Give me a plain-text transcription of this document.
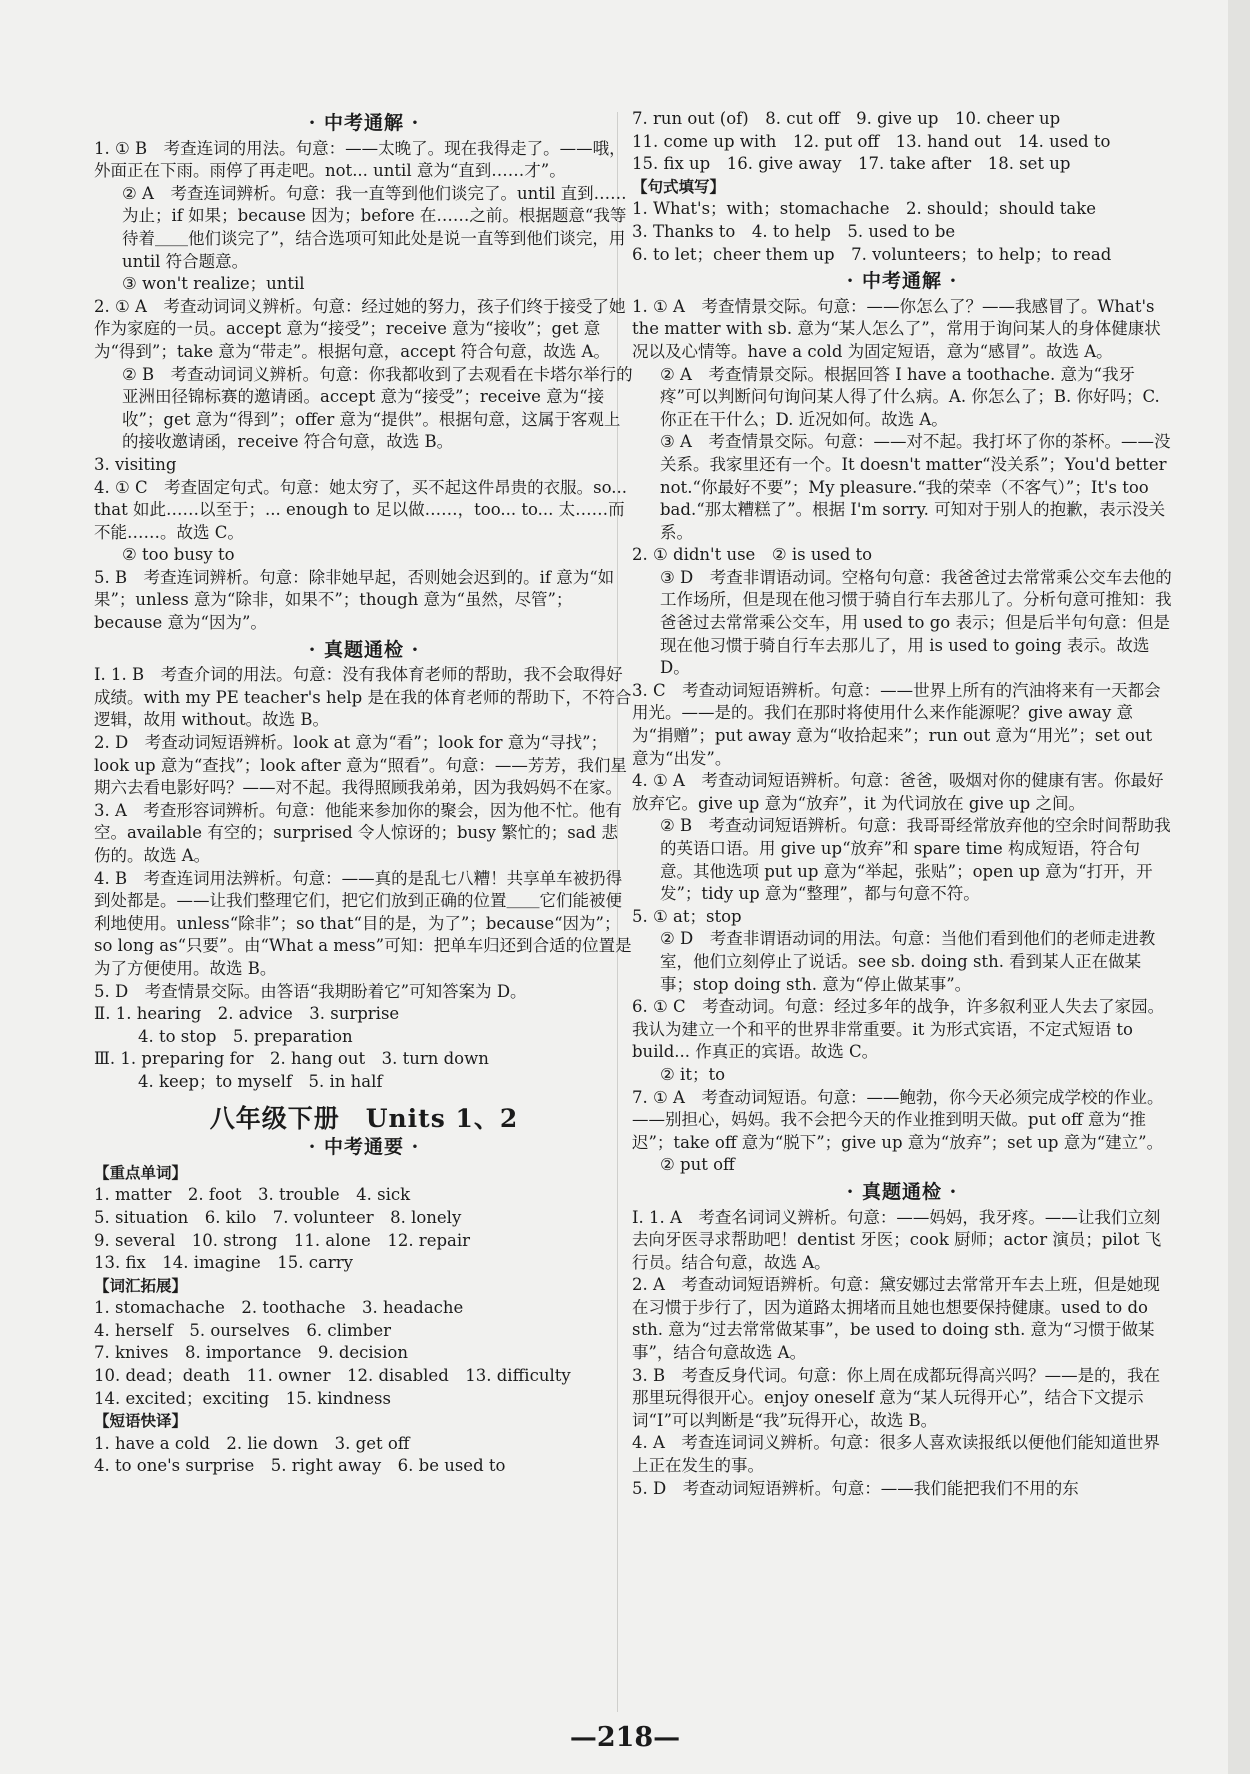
· 中考通解 ·

1. ① B　考查连词的用法。句意：——太晚了。现在我得走了。——哦，外面正在下雨。雨停了再走吧。not... until 意为“直到……才”。

② A　考查连词辨析。句意：我一直等到他们谈完了。until 直到……为止；if 如果；because 因为；before 在……之前。根据题意“我等待着＿＿他们谈完了”，结合选项可知此处是说一直等到他们谈完，用 until 符合题意。

③ won't realize；until

2. ① A　考查动词词义辨析。句意：经过她的努力，孩子们终于接受了她作为家庭的一员。accept 意为“接受”；receive 意为“接收”；get 意为“得到”；take 意为“带走”。根据句意，accept 符合句意，故选 A。

② B　考查动词词义辨析。句意：你我都收到了去观看在卡塔尔举行的亚洲田径锦标赛的邀请函。accept 意为“接受”；receive 意为“接收”；get 意为“得到”；offer 意为“提供”。根据句意，这属于客观上的接收邀请函，receive 符合句意，故选 B。

3. visiting

4. ① C　考查固定句式。句意：她太穷了，买不起这件昂贵的衣服。so... that 如此……以至于；... enough to 足以做……，too... to... 太……而不能……。故选 C。

② too busy to

5. B　考查连词辨析。句意：除非她早起，否则她会迟到的。if 意为“如果”；unless 意为“除非，如果不”；though 意为“虽然，尽管”；because 意为“因为”。

· 真题通检 ·

Ⅰ. 1. B　考查介词的用法。句意：没有我体育老师的帮助，我不会取得好成绩。with my PE teacher's help 是在我的体育老师的帮助下，不符合逻辑，故用 without。故选 B。

2. D　考查动词短语辨析。look at 意为“看”；look for 意为“寻找”；look up 意为“查找”；look after 意为“照看”。句意：——芳芳，我们星期六去看电影好吗？——对不起。我得照顾我弟弟，因为我妈妈不在家。

3. A　考查形容词辨析。句意：他能来参加你的聚会，因为他不忙。他有空。available 有空的；surprised 令人惊讶的；busy 繁忙的；sad 悲伤的。故选 A。

4. B　考查连词用法辨析。句意：——真的是乱七八糟！共享单车被扔得到处都是。——让我们整理它们，把它们放到正确的位置＿＿它们能被便利地使用。unless“除非”；so that“目的是，为了”；because“因为”；so long as“只要”。由“What a mess”可知：把单车归还到合适的位置是为了方便使用。故选 B。

5. D　考查情景交际。由答语“我期盼着它”可知答案为 D。

Ⅱ. 1. hearing　2. advice　3. surprise

4. to stop　5. preparation

Ⅲ. 1. preparing for　2. hang out　3. turn down

4. keep；to myself　5. in half

八年级下册　Units 1、2
· 中考通要 ·

【重点单词】

1. matter　2. foot　3. trouble　4. sick

5. situation　6. kilo　7. volunteer　8. lonely

9. several　10. strong　11. alone　12. repair

13. fix　14. imagine　15. carry

【词汇拓展】

1. stomachache　2. toothache　3. headache

4. herself　5. ourselves　6. climber

7. knives　8. importance　9. decision

10. dead；death　11. owner　12. disabled　13. difficulty

14. excited；exciting　15. kindness

【短语快译】

1. have a cold　2. lie down　3. get off

4. to one's surprise　5. right away　6. be used to

7. run out (of)　8. cut off　9. give up　10. cheer up

11. come up with　12. put off　13. hand out　14. used to

15. fix up　16. give away　17. take after　18. set up

【句式填写】

1. What's；with；stomachache　2. should；should take

3. Thanks to　4. to help　5. used to be

6. to let；cheer them up　7. volunteers；to help；to read

· 中考通解 ·

1. ① A　考查情景交际。句意：——你怎么了？——我感冒了。What's the matter with sb. 意为“某人怎么了”，常用于询问某人的身体健康状况以及心情等。have a cold 为固定短语，意为“感冒”。故选 A。

② A　考查情景交际。根据回答 I have a toothache. 意为“我牙疼”可以判断问句询问某人得了什么病。A. 你怎么了；B. 你好吗；C. 你正在干什么；D. 近况如何。故选 A。

③ A　考查情景交际。句意：——对不起。我打坏了你的茶杯。——没关系。我家里还有一个。It doesn't matter“没关系”；You'd better not.“你最好不要”；My pleasure.“我的荣幸（不客气）”；It's too bad.“那太糟糕了”。根据 I'm sorry. 可知对于别人的抱歉，表示没关系。

2. ① didn't use　② is used to

③ D　考查非谓语动词。空格句句意：我爸爸过去常常乘公交车去他的工作场所，但是现在他习惯于骑自行车去那儿了。分析句意可推知：我爸爸过去常常乘公交车，用 used to go 表示；但是后半句句意：但是现在他习惯于骑自行车去那儿了，用 is used to going 表示。故选 D。

3. C　考查动词短语辨析。句意：——世界上所有的汽油将来有一天都会用光。——是的。我们在那时将使用什么来作能源呢？give away 意为“捐赠”；put away 意为“收拾起来”；run out 意为“用光”；set out 意为“出发”。

4. ① A　考查动词短语辨析。句意：爸爸，吸烟对你的健康有害。你最好放弃它。give up 意为“放弃”，it 为代词放在 give up 之间。

② B　考查动词短语辨析。句意：我哥哥经常放弃他的空余时间帮助我的英语口语。用 give up“放弃”和 spare time 构成短语，符合句意。其他选项 put up 意为“举起，张贴”；open up 意为“打开，开发”；tidy up 意为“整理”，都与句意不符。

5. ① at；stop

② D　考查非谓语动词的用法。句意：当他们看到他们的老师走进教室，他们立刻停止了说话。see sb. doing sth. 看到某人正在做某事；stop doing sth. 意为“停止做某事”。

6. ① C　考查动词。句意：经过多年的战争，许多叙利亚人失去了家园。我认为建立一个和平的世界非常重要。it 为形式宾语，不定式短语 to build... 作真正的宾语。故选 C。

② it；to

7. ① A　考查动词短语。句意：——鲍勃，你今天必须完成学校的作业。——别担心，妈妈。我不会把今天的作业推到明天做。put off 意为“推迟”；take off 意为“脱下”；give up 意为“放弃”；set up 意为“建立”。

② put off

· 真题通检 ·

Ⅰ. 1. A　考查名词词义辨析。句意：——妈妈，我牙疼。——让我们立刻去向牙医寻求帮助吧！dentist 牙医；cook 厨师；actor 演员；pilot 飞行员。结合句意，故选 A。

2. A　考查动词短语辨析。句意：黛安娜过去常常开车去上班，但是她现在习惯于步行了，因为道路太拥堵而且她也想要保持健康。used to do sth. 意为“过去常常做某事”，be used to doing sth. 意为“习惯于做某事”，结合句意故选 A。

3. B　考查反身代词。句意：你上周在成都玩得高兴吗？——是的，我在那里玩得很开心。enjoy oneself 意为“某人玩得开心”，结合下文提示词“I”可以判断是“我”玩得开心，故选 B。

4. A　考查连词词义辨析。句意：很多人喜欢读报纸以便他们能知道世界上正在发生的事。

5. D　考查动词短语辨析。句意：——我们能把我们不用的东

—218—
